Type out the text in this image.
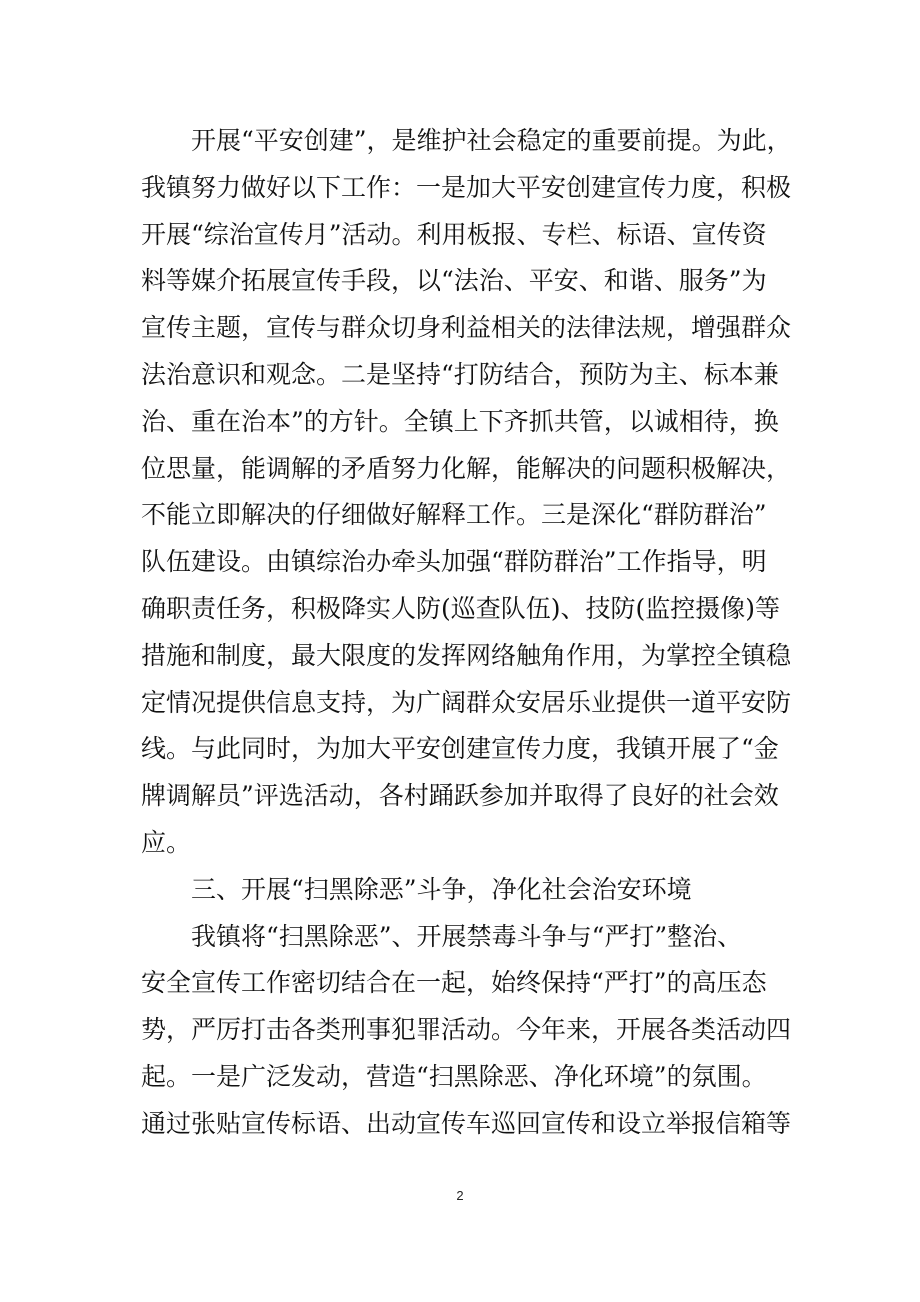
开展“平安创建”，是维护社会稳定的重要前提。为此，
我镇努力做好以下工作：一是加大平安创建宣传力度，积极
开展“综治宣传月”活动。利用板报、专栏、标语、宣传资
料等媒介拓展宣传手段，以“法治、平安、和谐、服务”为
宣传主题，宣传与群众切身利益相关的法律法规，增强群众
法治意识和观念。二是坚持“打防结合，预防为主、标本兼
治、重在治本”的方针。全镇上下齐抓共管，以诚相待，换
位思量，能调解的矛盾努力化解，能解决的问题积极解决，
不能立即解决的仔细做好解释工作。三是深化“群防群治”
队伍建设。由镇综治办牵头加强“群防群治”工作指导，明
确职责任务，积极降实人防(巡查队伍)、技防(监控摄像)等
措施和制度，最大限度的发挥网络触角作用，为掌控全镇稳
定情况提供信息支持，为广阔群众安居乐业提供一道平安防
线。与此同时，为加大平安创建宣传力度，我镇开展了“金
牌调解员”评选活动，各村踊跃参加并取得了良好的社会效
应。
三、开展“扫黑除恶”斗争，净化社会治安环境
我镇将“扫黑除恶”、开展禁毒斗争与“严打”整治、
安全宣传工作密切结合在一起，始终保持“严打”的高压态
势，严厉打击各类刑事犯罪活动。今年来，开展各类活动四
起。一是广泛发动，营造“扫黑除恶、净化环境”的氛围。
通过张贴宣传标语、出动宣传车巡回宣传和设立举报信箱等
2
